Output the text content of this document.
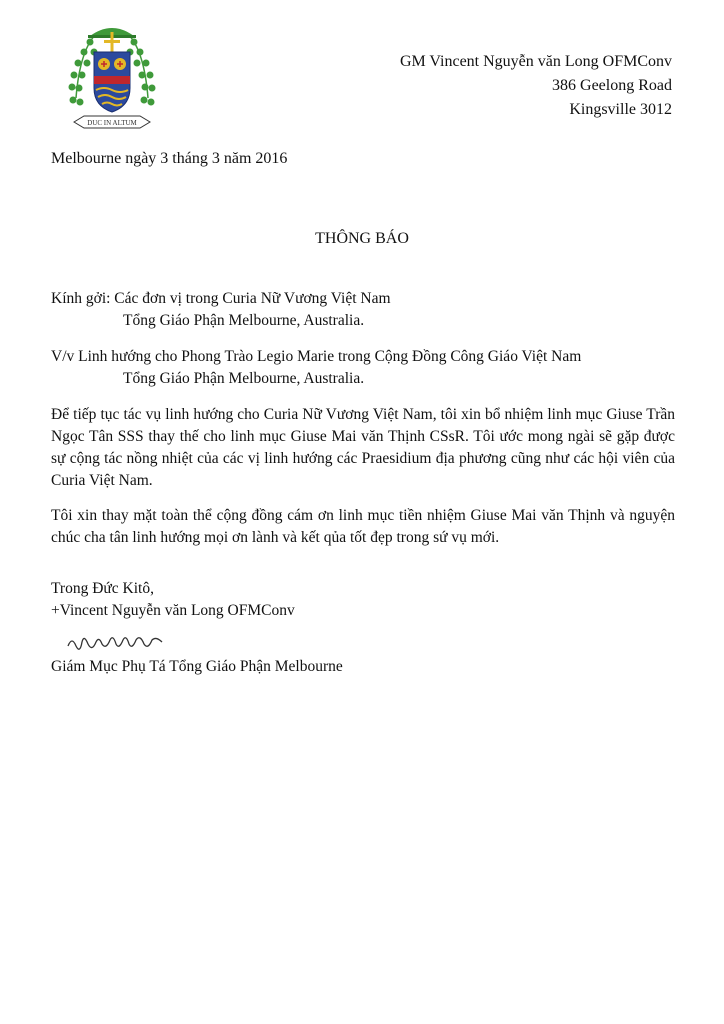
DUC IN ALTUM
GM Vincent Nguyễn văn Long OFMConv
386 Geelong Road
Kingsville 3012
Melbourne ngày 3 tháng 3 năm 2016
THÔNG BÁO
Kính gởi: Các đơn vị trong Curia Nữ Vương Việt Nam
Tổng Giáo Phận Melbourne, Australia.
V/v Linh hướng cho Phong Trào Legio Marie trong Cộng Đồng Công Giáo Việt Nam
Tổng Giáo Phận Melbourne, Australia.
Để tiếp tục tác vụ linh hướng cho Curia Nữ Vương Việt Nam, tôi xin bổ nhiệm linh mục Giuse Trần Ngọc Tân SSS thay thế cho linh mục Giuse Mai văn Thịnh CSsR. Tôi ước mong ngài sẽ gặp được sự cộng tác nồng nhiệt của các vị linh hướng các Praesidium địa phương cũng như các hội viên của Curia Việt Nam.
Tôi xin thay mặt toàn thể cộng đồng cám ơn linh mục tiền nhiệm Giuse Mai văn Thịnh và nguyện chúc cha tân linh hướng mọi ơn lành và kết qủa tốt đẹp trong sứ vụ mới.
Trong Đức Kitô,
+Vincent Nguyễn văn Long OFMConv
Giám Mục Phụ Tá Tổng Giáo Phận Melbourne
